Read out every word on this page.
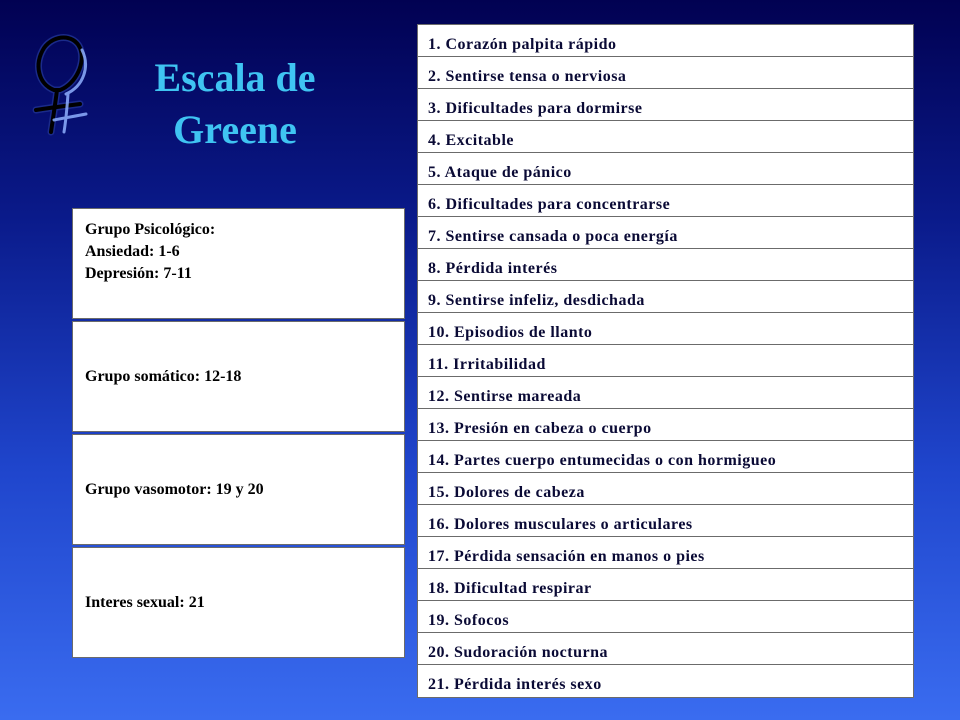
Escala de
Greene
Grupo Psicológico:
Ansiedad: 1-6
Depresión: 7-11
Grupo somático: 12-18
Grupo vasomotor: 19 y 20
Interes sexual: 21
1. Corazón palpita rápido
2. Sentirse tensa o nerviosa
3. Dificultades para dormirse
4. Excitable
5. Ataque de pánico
6. Dificultades para concentrarse
7. Sentirse cansada o poca energía
8. Pérdida interés
9. Sentirse infeliz, desdichada
10. Episodios de llanto
11. Irritabilidad
12. Sentirse mareada
13. Presión en cabeza o cuerpo
14. Partes cuerpo entumecidas o con hormigueo
15. Dolores de cabeza
16. Dolores musculares o articulares
17. Pérdida sensación en manos o pies
18. Dificultad respirar
19. Sofocos
20. Sudoración nocturna
21. Pérdida interés sexo
